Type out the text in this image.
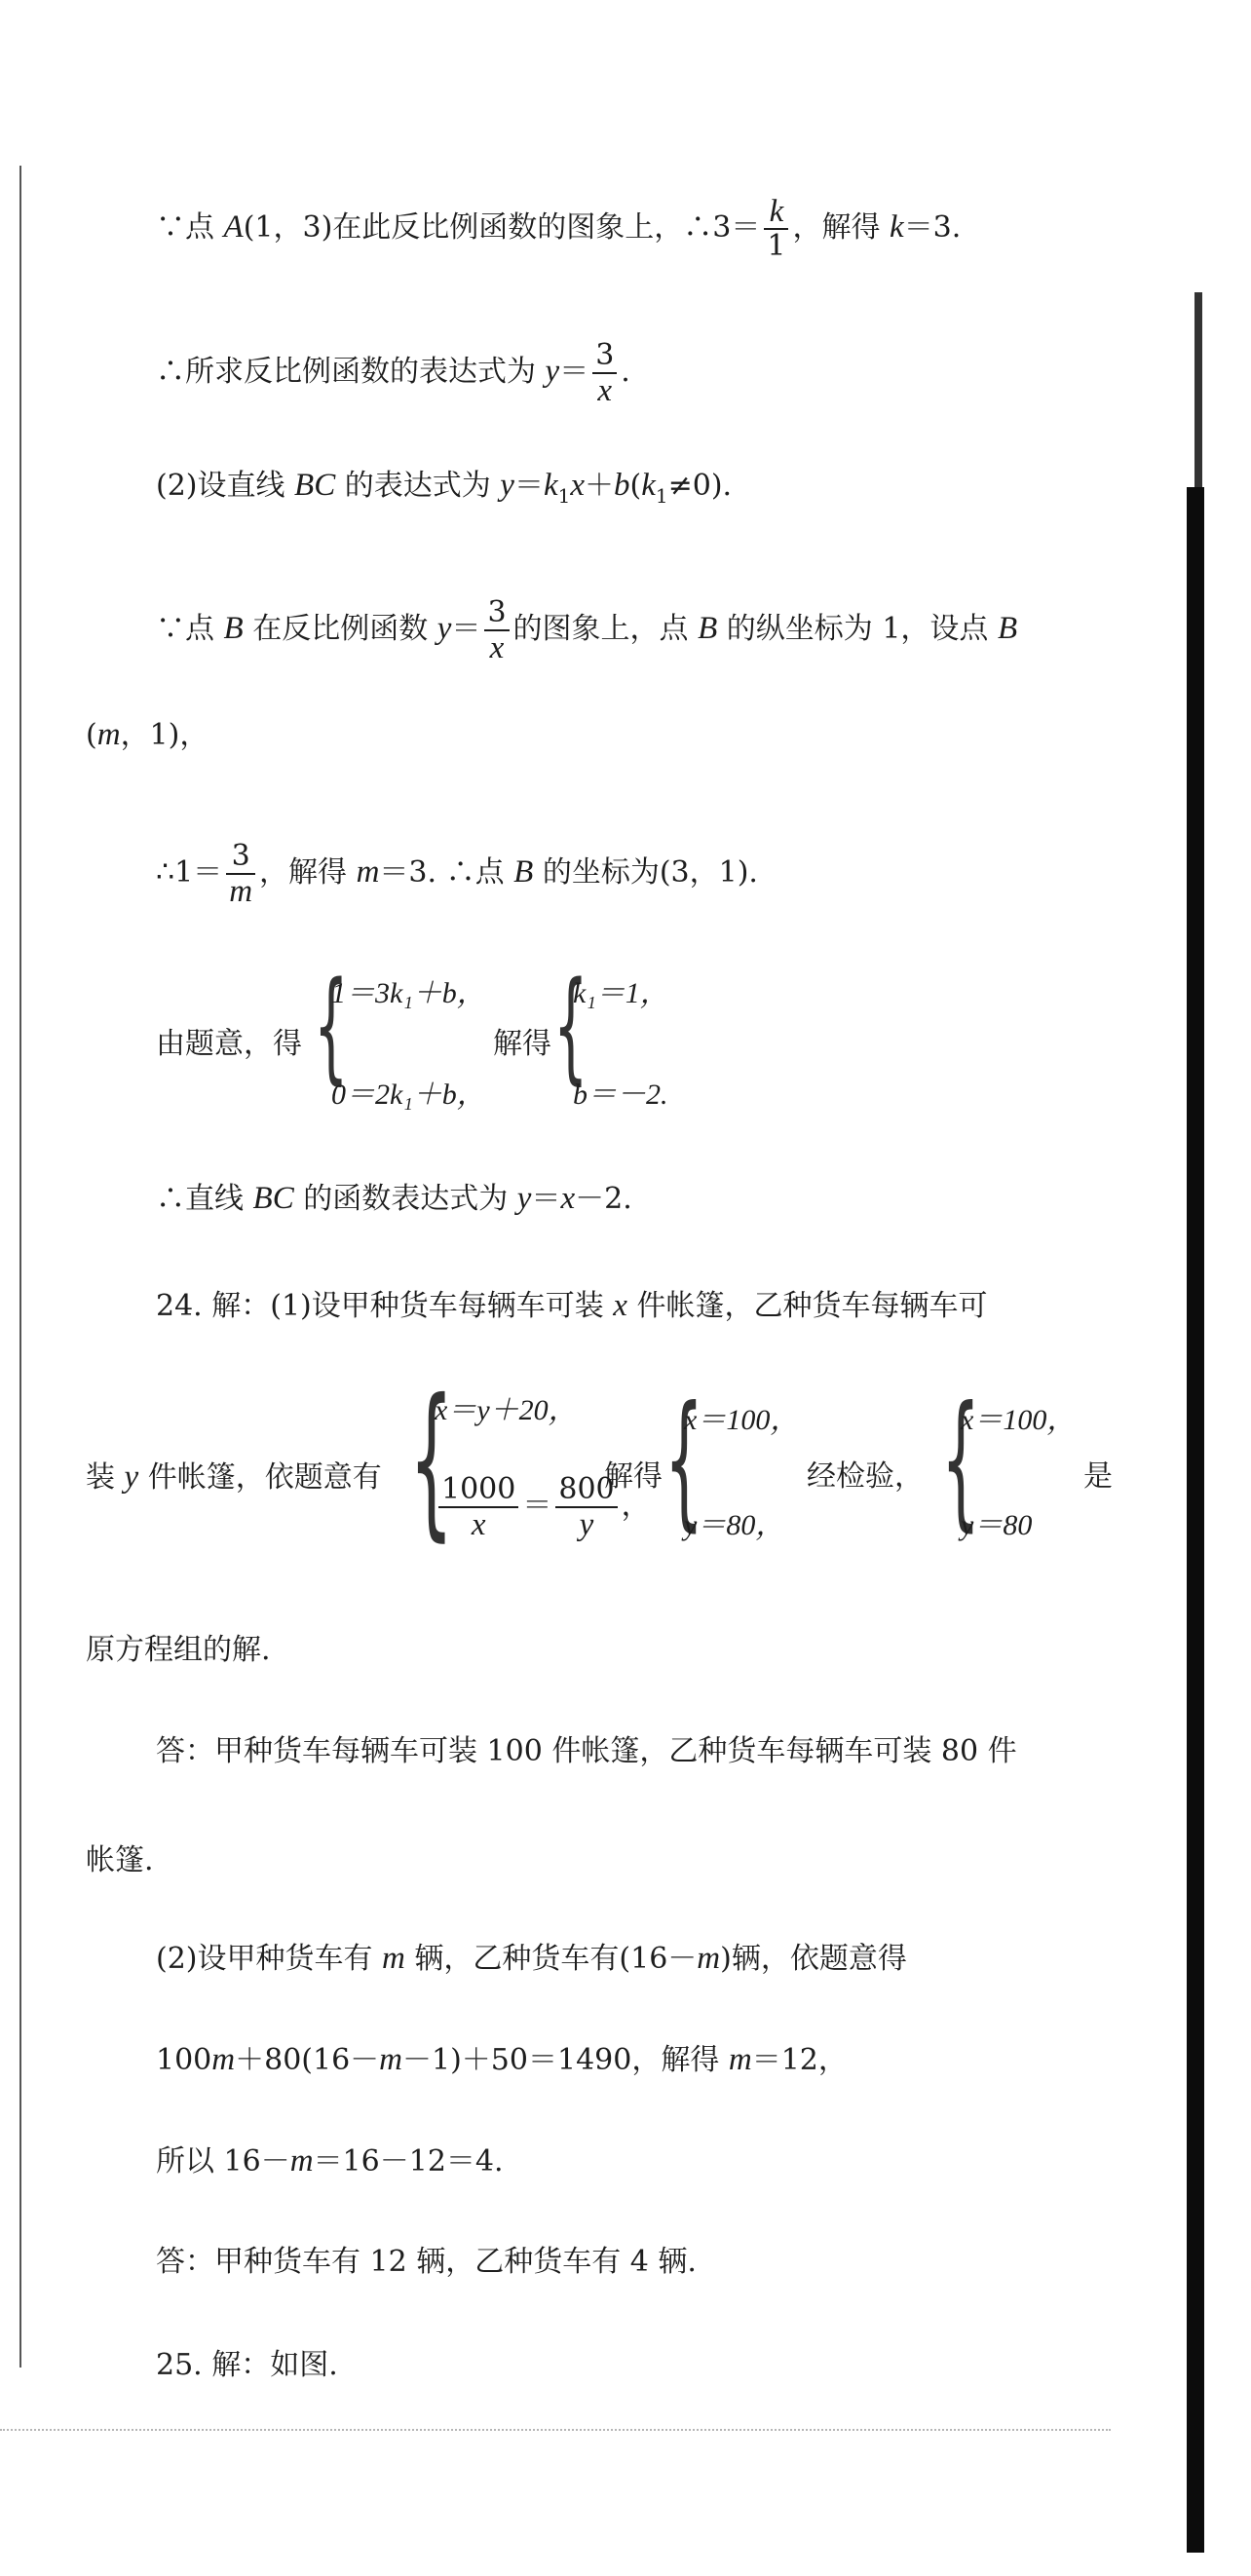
∵点 A(1，3)在此反比例函数的图象上，∴3＝ $\frac{k}{1}$ ，解得 k＝3.
∴所求反比例函数的表达式为 $y= \frac{3}{x}$ .
(2)设直线 BC 的表达式为 $y=k_1x+b(k_1\ne 0)$.
∵点 B 在反比例函数 $y= \frac{3}{x}$ 的图象上，点 B 的纵坐标为 1，设点 B
(m，1)，
∴1＝ $\frac{3}{m}$ ，解得 m＝3. ∴点 B 的坐标为(3，1).
由题意，得 {
1＝3k₁＋b，
0＝2k₁＋b，
解得 {
k₁＝1，
b＝－2.
∴直线 BC 的函数表达式为 y＝x－2.
24. 解：(1)设甲种货车每辆车可装 x 件帐篷，乙种货车每辆车可
装 y 件帐篷，依题意有 {
x＝y＋20，
$\frac{1000}{x} = \frac{800}{y}$ ，
解得 {
x＝100，
y＝80，
经检验， {
x＝100，
y＝80
是
原方程组的解.
答：甲种货车每辆车可装 100 件帐篷，乙种货车每辆车可装 80 件
帐篷.
(2)设甲种货车有 m 辆，乙种货车有(16－m)辆，依题意得
100m＋80(16－m－1)＋50＝1490，解得 m＝12，
所以 16－m＝16－12＝4.
答：甲种货车有 12 辆，乙种货车有 4 辆.
25. 解：如图.
